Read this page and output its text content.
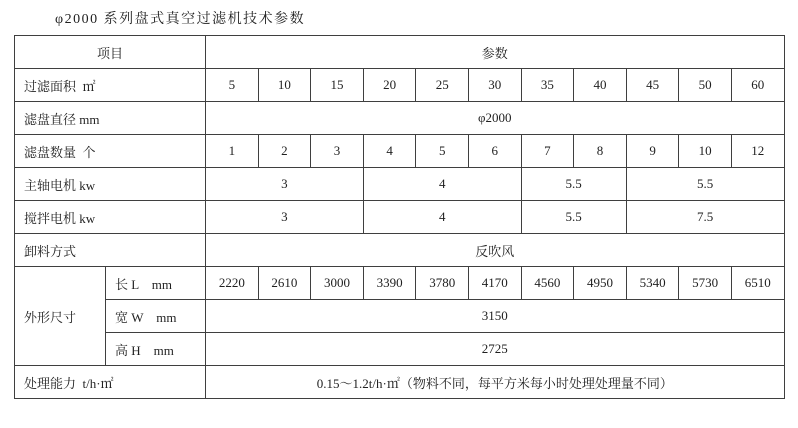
φ2000 系列盘式真空过滤机技术参数
项目		参数										
过滤面积  ㎡		5	10	15	20	25	30	35	40	45	50	60
滤盘直径 mm		φ2000										
滤盘数量  个		1	2	3	4	5	6	7	8	9	10	12
主轴电机 kw		3			4			5.5		5.5		
搅拌电机 kw		3			4			5.5		7.5		
卸料方式		反吹风										
外形尺寸	长 L    mm	2220	2610	3000	3390	3780	4170	4560	4950	5340	5730	6510
	宽 W    mm	3150										
	高 H    mm	2725										
处理能力  t/h·㎡		0.15～1.2t/h·㎡（物料不同，每平方米每小时处理处理量不同）										
